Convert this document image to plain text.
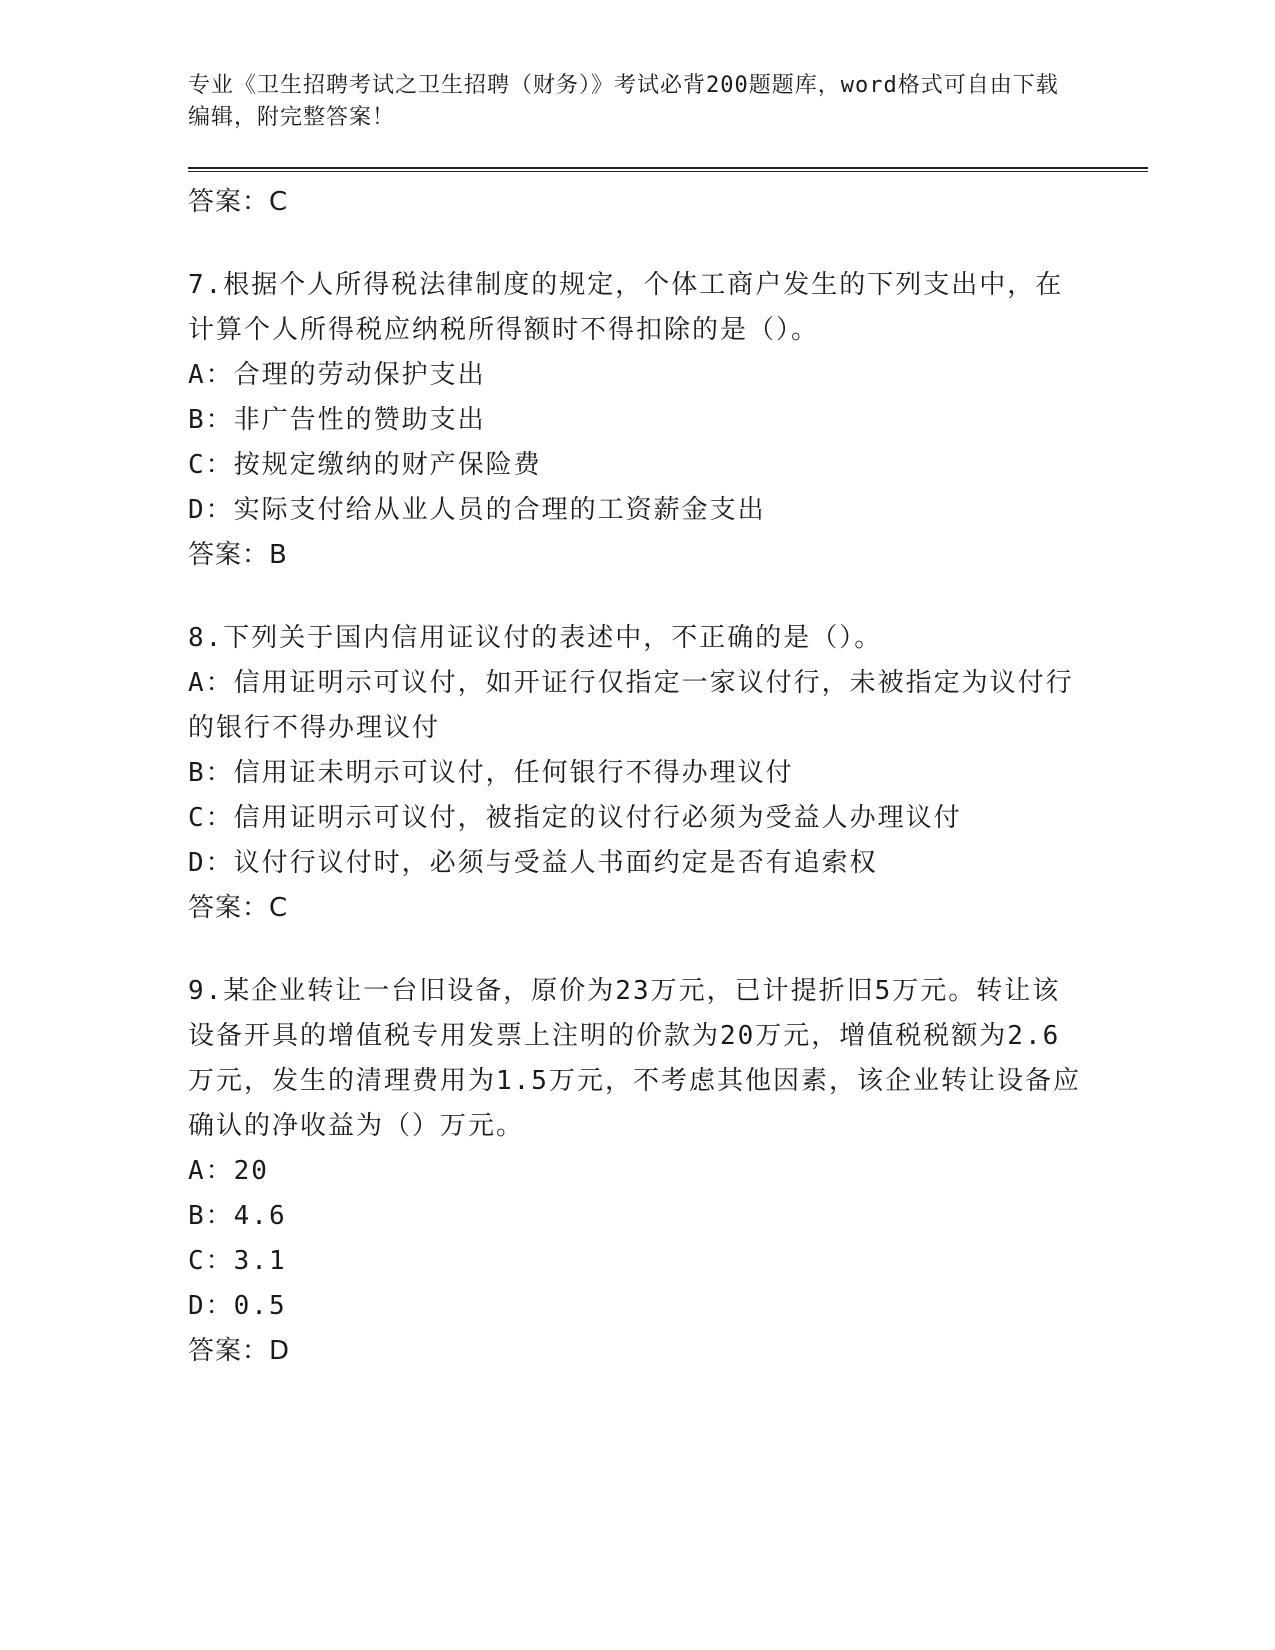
专业《卫生招聘考试之卫生招聘（财务）》考试必背200题题库，word格式可自由下载编辑，附完整答案！

答案：C
7.根据个人所得税法律制度的规定，个体工商户发生的下列支出中，在计算个人所得税应纳税所得额时不得扣除的是（）。
A：合理的劳动保护支出
B：非广告性的赞助支出
C：按规定缴纳的财产保险费
D：实际支付给从业人员的合理的工资薪金支出
答案：B
8.下列关于国内信用证议付的表述中，不正确的是（）。
A：信用证明示可议付，如开证行仅指定一家议付行，未被指定为议付行的银行不得办理议付
B：信用证未明示可议付，任何银行不得办理议付
C：信用证明示可议付，被指定的议付行必须为受益人办理议付
D：议付行议付时，必须与受益人书面约定是否有追索权
答案：C
9.某企业转让一台旧设备，原价为23万元，已计提折旧5万元。转让该设备开具的增值税专用发票上注明的价款为20万元，增值税税额为2.6万元，发生的清理费用为1.5万元，不考虑其他因素，该企业转让设备应确认的净收益为（）万元。
A：20
B：4.6
C：3.1
D：0.5
答案：D
